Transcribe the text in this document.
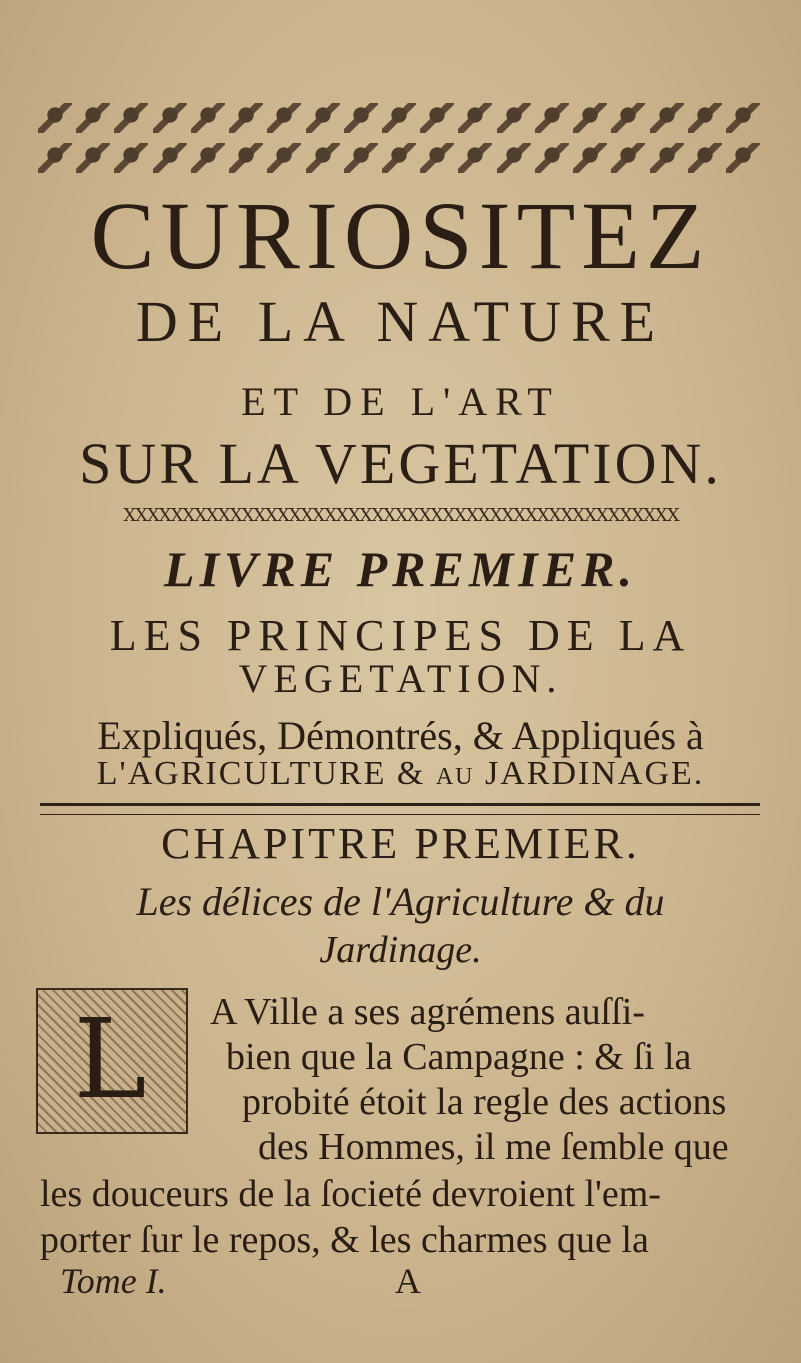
CURIOSITEZ
DE LA NATURE
ET DE L'ART
SUR LA VEGETATION.
XXXXXXXXXXXXXXXXXXXXXXXXXXXXXXXXXXXXXXXXXXXXXXX
LIVRE PREMIER.
LES PRINCIPES DE LA
VEGETATION.
Expliqués, Démontrés, & Appliqués à
L'AGRICULTURE & au JARDINAGE.
CHAPITRE PREMIER.
Les délices de l'Agriculture & du
Jardinage.
L	A Ville a ses agrémens auſſi-
bien que la Campagne : & ſi la
probité étoit la regle des actions
des Hommes, il me ſemble que
les douceurs de la ſocieté devroient l'em-
porter ſur le repos, & les charmes que la
Tome I.	A
